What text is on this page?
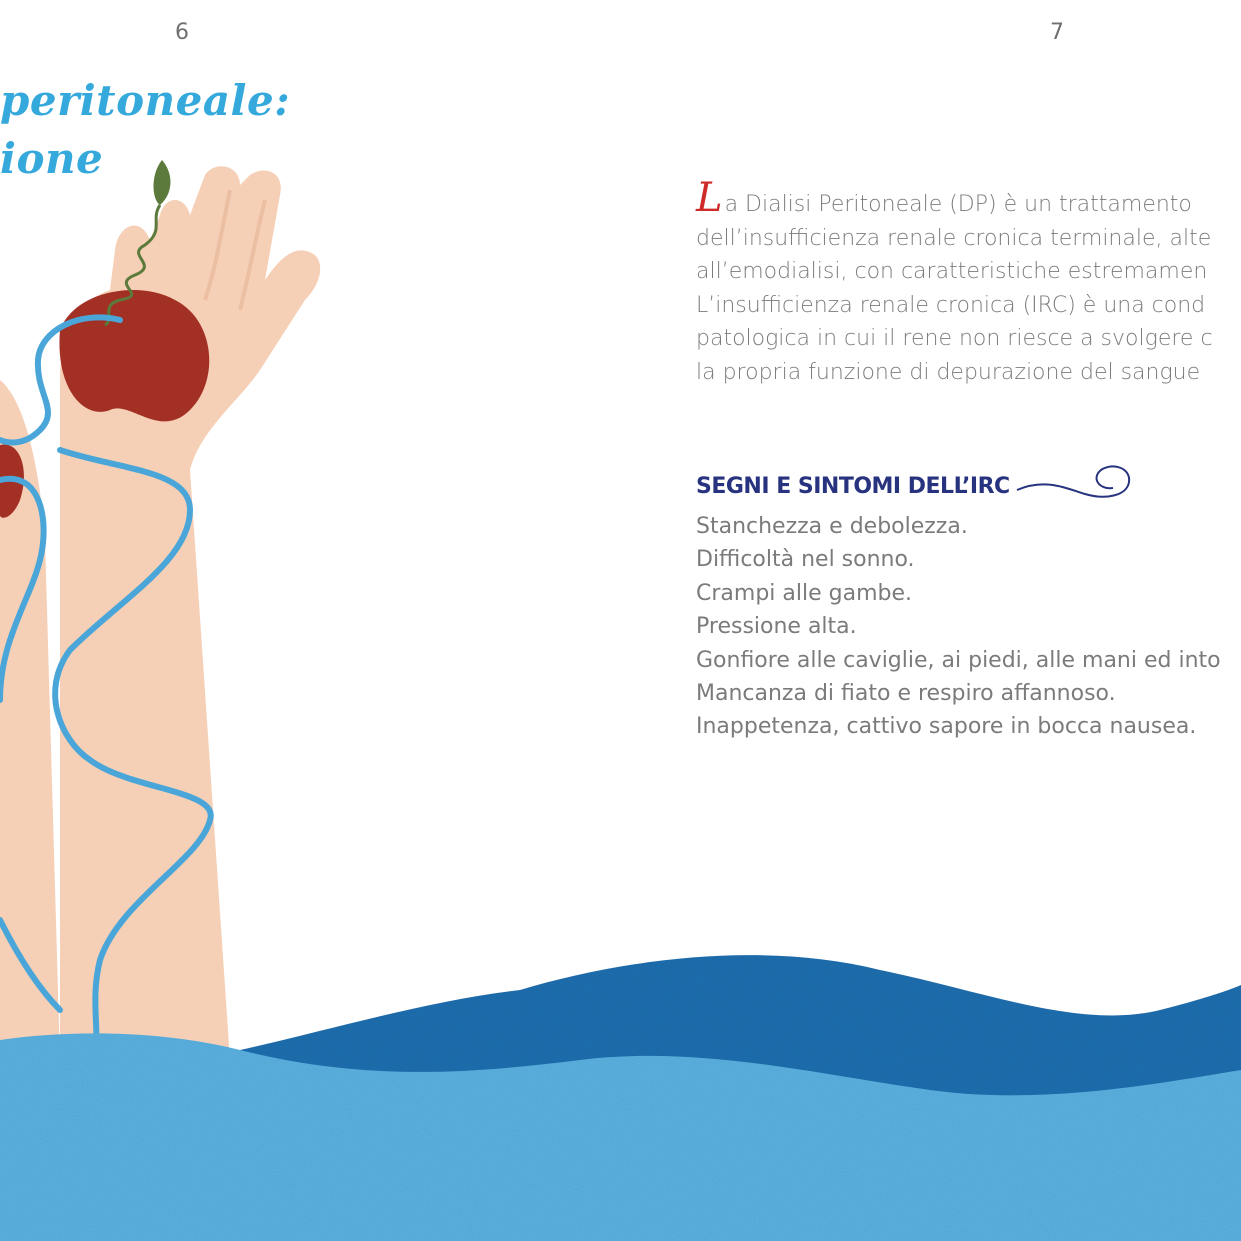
6	7
peritoneale:
ione
La Dialisi Peritoneale (DP) è un trattamento
dell’insufficienza renale cronica terminale, alte
all’emodialisi, con caratteristiche estremamen
L’insufficienza renale cronica (IRC) è una cond
patologica in cui il rene non riesce a svolgere c
la propria funzione di depurazione del sangue
SEGNI E SINTOMI DELL’IRC
Stanchezza e debolezza.
Difficoltà nel sonno.
Crampi alle gambe.
Pressione alta.
Gonfiore alle caviglie, ai piedi, alle mani ed into
Mancanza di fiato e respiro affannoso.
Inappetenza, cattivo sapore in bocca nausea.
